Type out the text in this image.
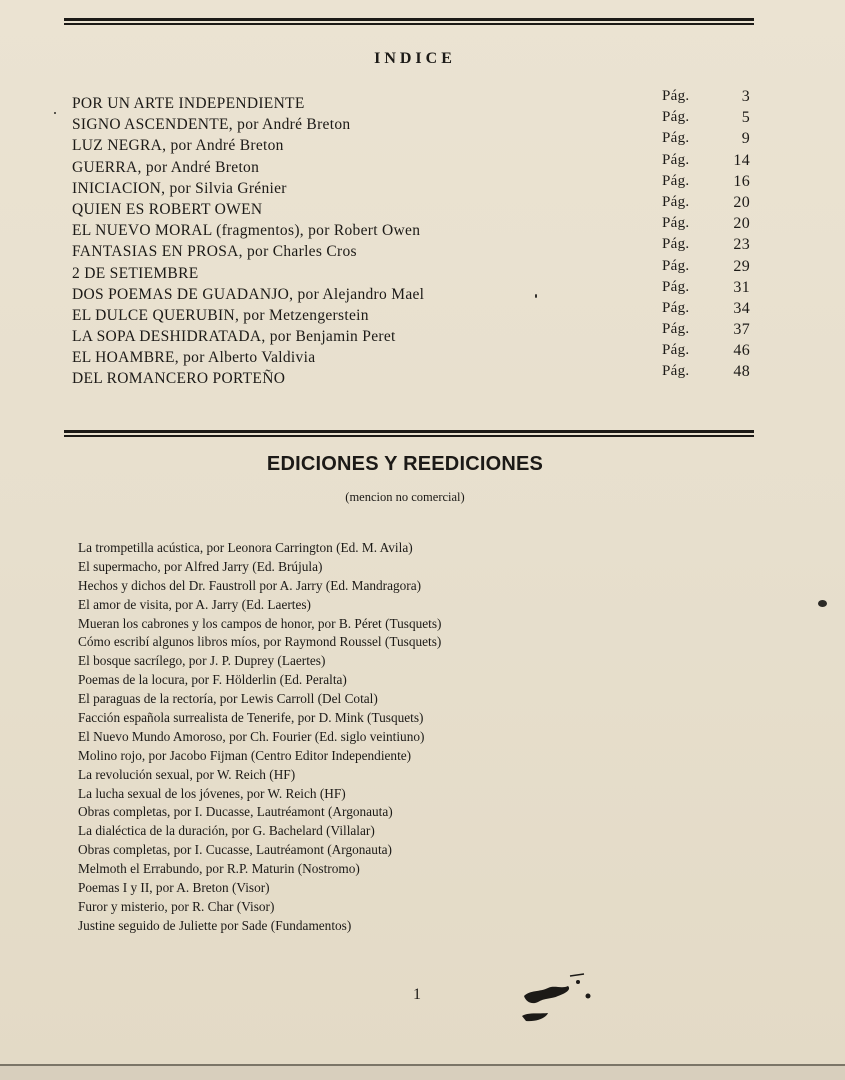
INDICE
POR UN ARTE INDEPENDIENTE	Pág.	3
SIGNO ASCENDENTE, por André Breton	Pág.	5
LUZ NEGRA, por André Breton	Pág.	9
GUERRA, por André Breton	Pág.	14
INICIACION, por Silvia Grénier	Pág.	16
QUIEN ES ROBERT OWEN	Pág.	20
EL NUEVO MORAL (fragmentos), por Robert Owen	Pág.	20
FANTASIAS EN PROSA, por Charles Cros	Pág.	23
2 DE SETIEMBRE	Pág.	29
DOS POEMAS DE GUADANJO, por Alejandro Mael	Pág.	31
EL DULCE QUERUBIN, por Metzengerstein	Pág.	34
LA SOPA DESHIDRATADA, por Benjamin Peret	Pág.	37
EL HOAMBRE, por Alberto Valdivia	Pág.	46
DEL ROMANCERO PORTEÑO	Pág.	48
EDICIONES Y REEDICIONES
(mencion no comercial)
La trompetilla acústica, por Leonora Carrington (Ed. M. Avila)
El supermacho, por Alfred Jarry (Ed. Brújula)
Hechos y dichos del Dr. Faustroll por A. Jarry (Ed. Mandragora)
El amor de visita, por A. Jarry (Ed. Laertes)
Mueran los cabrones y los campos de honor, por B. Péret (Tusquets)
Cómo escribí algunos libros míos, por Raymond Roussel (Tusquets)
El bosque sacrílego, por J. P. Duprey (Laertes)
Poemas de la locura, por F. Hölderlin (Ed. Peralta)
El paraguas de la rectoría, por Lewis Carroll (Del Cotal)
Facción española surrealista de Tenerife, por D. Mink (Tusquets)
El Nuevo Mundo Amoroso, por Ch. Fourier (Ed. siglo veintiuno)
Molino rojo, por Jacobo Fijman (Centro Editor Independiente)
La revolución sexual, por W. Reich (HF)
La lucha sexual de los jóvenes, por W. Reich (HF)
Obras completas, por I. Ducasse, Lautréamont (Argonauta)
La dialéctica de la duración, por G. Bachelard (Villalar)
Obras completas, por I. Cucasse, Lautréamont (Argonauta)
Melmoth el Errabundo, por R.P. Maturin (Nostromo)
Poemas I y II, por A. Breton (Visor)
Furor y misterio, por R. Char (Visor)
Justine seguido de Juliette por Sade (Fundamentos)
1
